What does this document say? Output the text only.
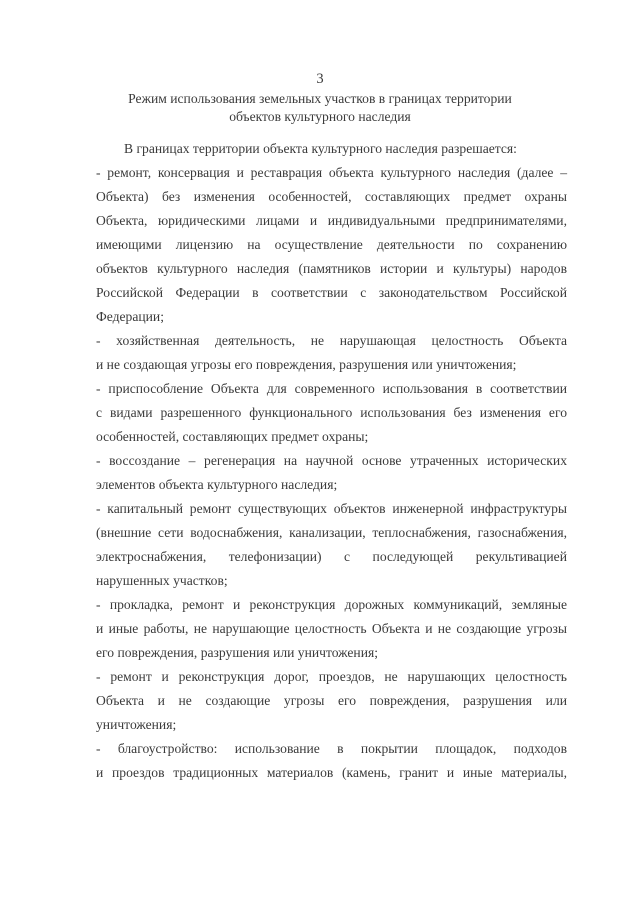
3
Режим использования земельных участков в границах территории
объектов культурного наследия
В границах территории объекта культурного наследия разрешается:
- ремонт, консервация и реставрация объекта культурного наследия (далее –
Объекта) без изменения особенностей, составляющих предмет охраны
Объекта, юридическими лицами и индивидуальными предпринимателями,
имеющими лицензию на осуществление деятельности по сохранению
объектов культурного наследия (памятников истории и культуры) народов
Российской Федерации в соответствии с законодательством Российской
Федерации;
- хозяйственная деятельность, не нарушающая целостность Объекта
и не создающая угрозы его повреждения, разрушения или уничтожения;
- приспособление Объекта для современного использования в соответствии
с видами разрешенного функционального использования без изменения его
особенностей, составляющих предмет охраны;
- воссоздание – регенерация на научной основе утраченных исторических
элементов объекта культурного наследия;
- капитальный ремонт существующих объектов инженерной инфраструктуры
(внешние сети водоснабжения, канализации, теплоснабжения, газоснабжения,
электроснабжения, телефонизации) с последующей рекультивацией
нарушенных участков;
- прокладка, ремонт и реконструкция дорожных коммуникаций, земляные
и иные работы, не нарушающие целостность Объекта и не создающие угрозы
его повреждения, разрушения или уничтожения;
- ремонт и реконструкция дорог, проездов, не нарушающих целостность
Объекта и не создающие угрозы его повреждения, разрушения или
уничтожения;
- благоустройство: использование в покрытии площадок, подходов
и проездов традиционных материалов (камень, гранит и иные материалы,
